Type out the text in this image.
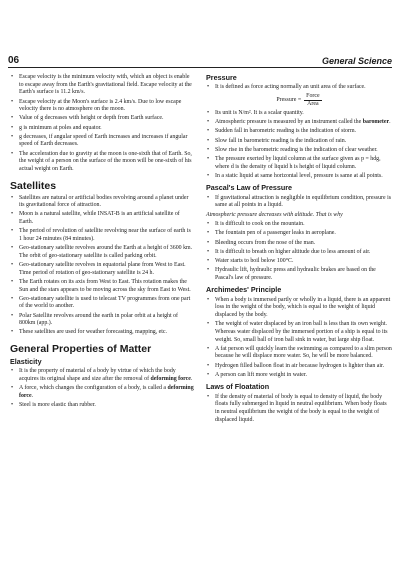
06	General Science
• Escape velocity is the minimum velocity with, which an object is enable to escape away from the Earth's gravitational field. Escape velocity at the Earth's surface is 11.2 km/s.
• Escape velocity at the Moon's surface is 2.4 km/s. Due to low escape velocity there is no atmosphere on the moon.
• Value of g decreases with height or depth from Earth surface.
• g is minimum at poles and equator.
• g decreases, if angular speed of Earth increases and increases if angular speed of Earth decreases.
• The acceleration due to gravity at the moon is one-sixth that of Earth. So, the weight of a person on the surface of the moon will be one-sixth of his actual weight on Earth.
Satellites
• Satellites are natural or artificial bodies revolving around a planet under its gravitational force of attraction.
• Moon is a natural satellite, while INSAT-B is an artificial satellite of Earth.
• The period of revolution of satellite revolving near the surface of earth is 1 hour 24 minutes (84 minutes).
• Geo-stationary satellite revolves around the Earth at a height of 3600 km. The orbit of geo-stationary satellite is called parking orbit.
• Geo-stationary satellite revolves in equatorial plane from West to East. Time period of rotation of geo-stationary satellite is 24 h.
• The Earth rotates on its axis from West to East. This rotation makes the Sun and the stars appears to be moving across the sky from East to West.
• Geo-stationary satellite is used to telecast TV programmes from one part of the world to another.
• Polar Satellite revolves around the earth in polar orbit at a height of 800km (app.).
• These satellites are used for weather forecasting, mapping, etc.
General Properties of Matter
Elasticity
• It is the property of material of a body by virtue of which the body acquires its original shape and size after the removal of deforming force.
• A force, which changes the configuration of a body, is called a deforming force.
• Steel is more elastic than rubber.
Pressure
• It is defined as force acting normally an unit area of the surface.
Pressure = $\frac{\text{Force}}{\text{Area}}$
• Its unit is N/m². It is a scalar quantity.
• Atmospheric pressure is measured by an instrument called the barometer.
• Sudden fall in barometric reading is the indication of storm.
• Slow fall in barometric reading is the indication of rain.
• Slow rise in the barometric reading is the indication of clear weather.
• The pressure exerted by liquid column at the surface given as p = hdg, where d is the density of liquid h is height of liquid column.
• In a static liquid at same horizontal level, pressure is same at all points.
Pascal's Law of Pressure
• If gravitational attraction is negligible in equilibrium condition, pressure is same at all points in a liquid.
Atmospheric pressure decreases with altitude. That is why
• It is difficult to cook on the mountain.
• The fountain pen of a passenger leaks in aeroplane.
• Bleeding occurs from the nose of the man.
• It is difficult to breath on higher altitude due to less amount of air.
• Water starts to boil below 100°C.
• Hydraulic lift, hydraulic press and hydraulic brakes are based on the Pascal's law of pressure.
Archimedes' Principle
• When a body is immersed partly or wholly in a liquid, there is an apparent loss in the weight of the body, which is equal to the weight of liquid displaced by the body.
• The weight of water displaced by an iron ball is less than its own weight. Whereas water displaced by the immersed portion of a ship is equal to its weight. So, small ball of iron ball sink in water, but large ship float.
• A fat person will quickly learn the swimming as compared to a slim person because he will displace more water. So, he will be more balanced.
• Hydrogen filled balloon float in air because hydrogen is lighter than air.
• A person can lift more weight in water.
Laws of Floatation
• If the density of material of body is equal to density of liquid, the body floats fully submerged in liquid in neutral equilibrium. When body floats in neutral equilibrium the weight of the body is equal to the weight of displaced liquid.
